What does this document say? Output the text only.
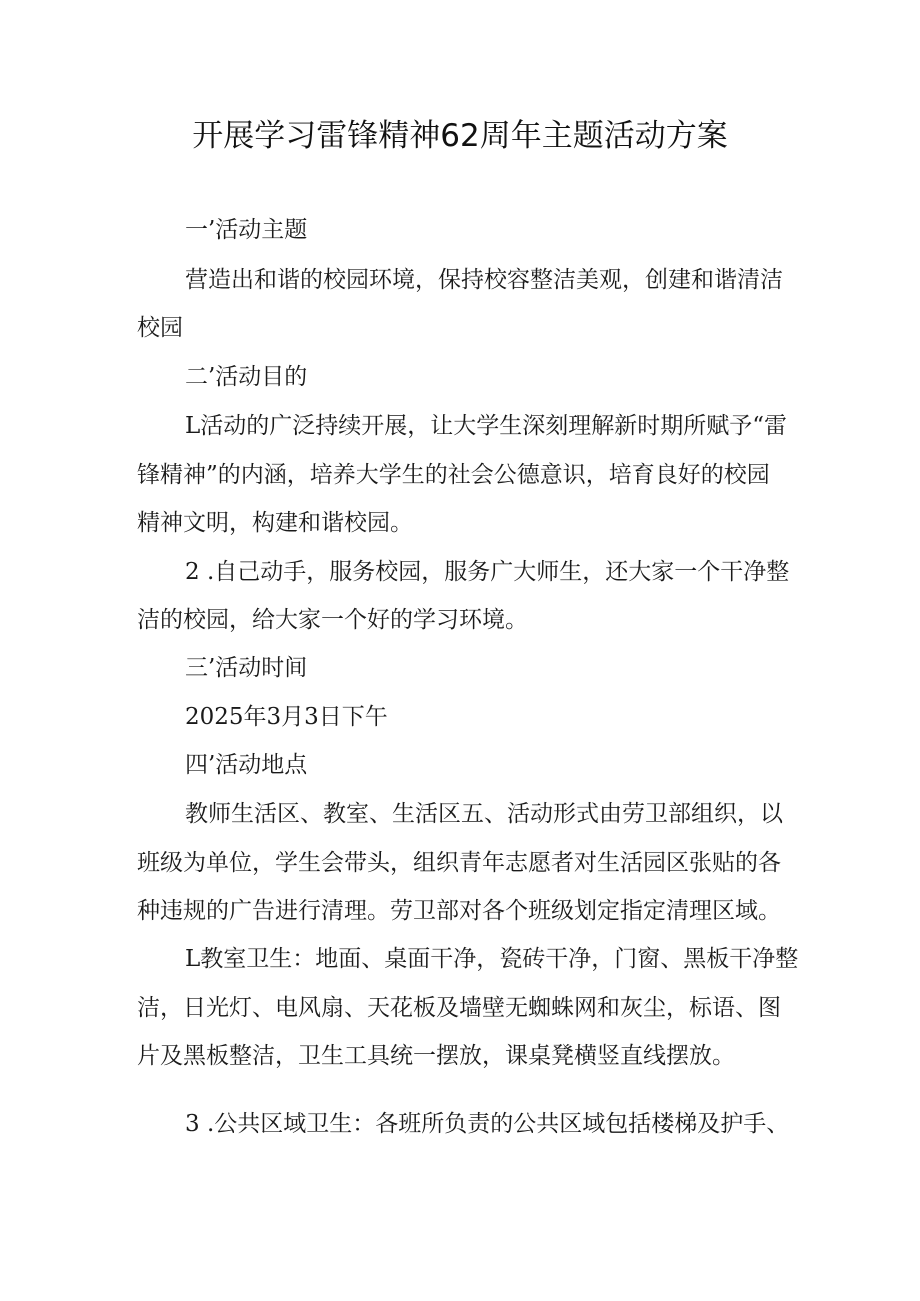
开展学习雷锋精神62周年主题活动方案
一’活动主题
营造出和谐的校园环境，保持校容整洁美观，创建和谐清洁
校园
二’活动目的
L活动的广泛持续开展，让大学生深刻理解新时期所赋予“雷
锋精神”的内涵，培养大学生的社会公德意识，培育良好的校园
精神文明，构建和谐校园。
2 .自己动手，服务校园，服务广大师生，还大家一个干净整
洁的校园，给大家一个好的学习环境。
三’活动时间
2025年3月3日下午
四’活动地点
教师生活区、教室、生活区五、活动形式由劳卫部组织，以
班级为单位，学生会带头，组织青年志愿者对生活园区张贴的各
种违规的广告进行清理。劳卫部对各个班级划定指定清理区域。
L教室卫生：地面、桌面干净，瓷砖干净，门窗、黑板干净整
洁，日光灯、电风扇、天花板及墙壁无蜘蛛网和灰尘，标语、图
片及黑板整洁，卫生工具统一摆放，课桌凳横竖直线摆放。
3 .公共区域卫生：各班所负责的公共区域包括楼梯及护手、
